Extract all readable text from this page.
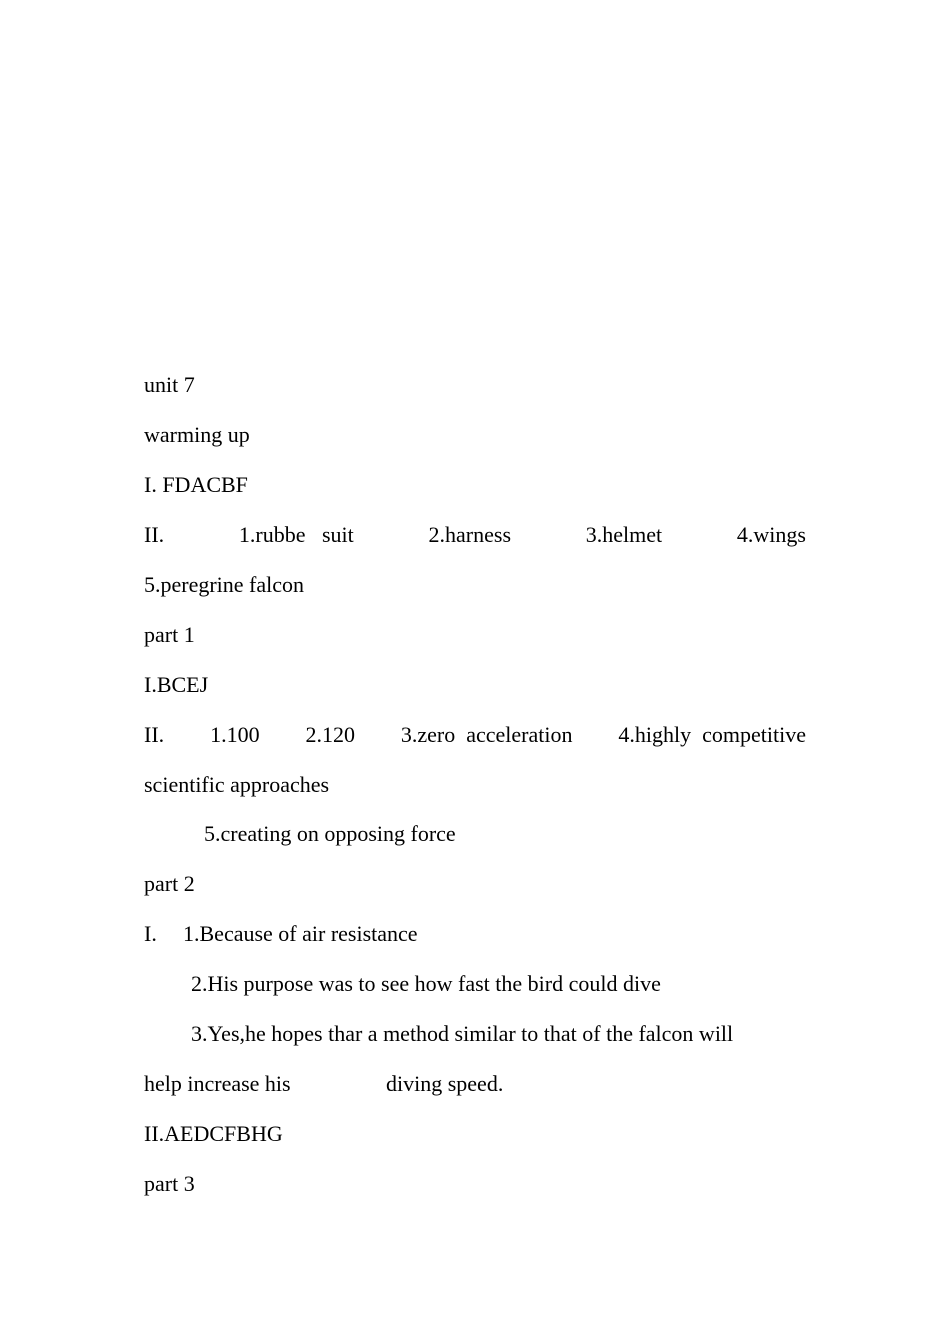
unit 7
warming up
I. FDACBF
II.	1.rubbe   suit	2.harness	3.helmet	4.wings
5.peregrine falcon
part 1
I.BCEJ
II. 1.100 2.120 3.zero  acceleration 4.highly  competitive
scientific approaches
5.creating on opposing force
part 2
I. 1.Because of air resistance
2.His purpose was to see how fast the bird could dive
3.Yes,he hopes thar a method similar to that of the falcon will
help increase his	diving speed.
II.AEDCFBHG
part 3
